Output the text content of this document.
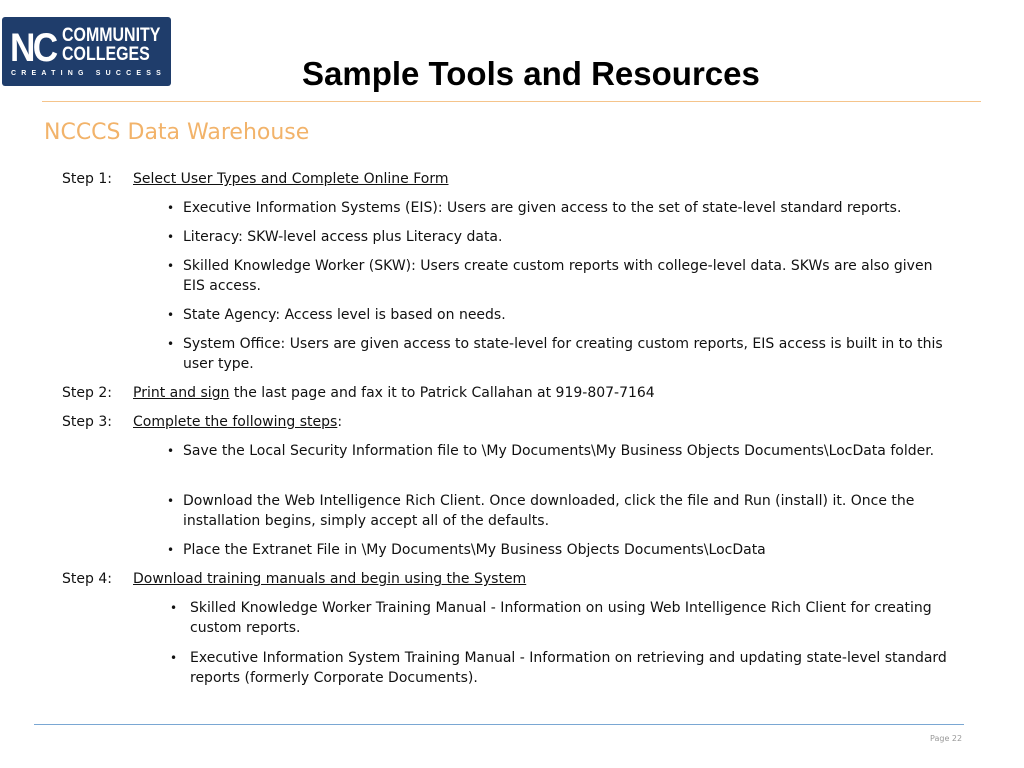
NC COMMUNITY
COLLEGES
CREATING SUCCESS	Sample Tools and Resources
NCCCS Data Warehouse
Step 1: Select User Types and Complete Online Form
• Executive Information Systems (EIS): Users are given access to the set of state-level standard reports.
• Literacy: SKW-level access plus Literacy data.
• Skilled Knowledge Worker (SKW): Users create custom reports with college-level data. SKWs are also given EIS access.
• State Agency: Access level is based on needs.
• System Office: Users are given access to state-level for creating custom reports, EIS access is built in to this user type.
Step 2: Print and sign the last page and fax it to Patrick Callahan at 919-807-7164
Step 3: Complete the following steps:
• Save the Local Security Information file to \My Documents\My Business Objects Documents\LocData folder.
• Download the Web Intelligence Rich Client. Once downloaded, click the file and Run (install) it. Once the installation begins, simply accept all of the defaults.
• Place the Extranet File in \My Documents\My Business Objects Documents\LocData
Step 4: Download training manuals and begin using the System
• Skilled Knowledge Worker Training Manual - Information on using Web Intelligence Rich Client for creating custom reports.
• Executive Information System Training Manual - Information on retrieving and updating state-level standard reports (formerly Corporate Documents).
Page 22
